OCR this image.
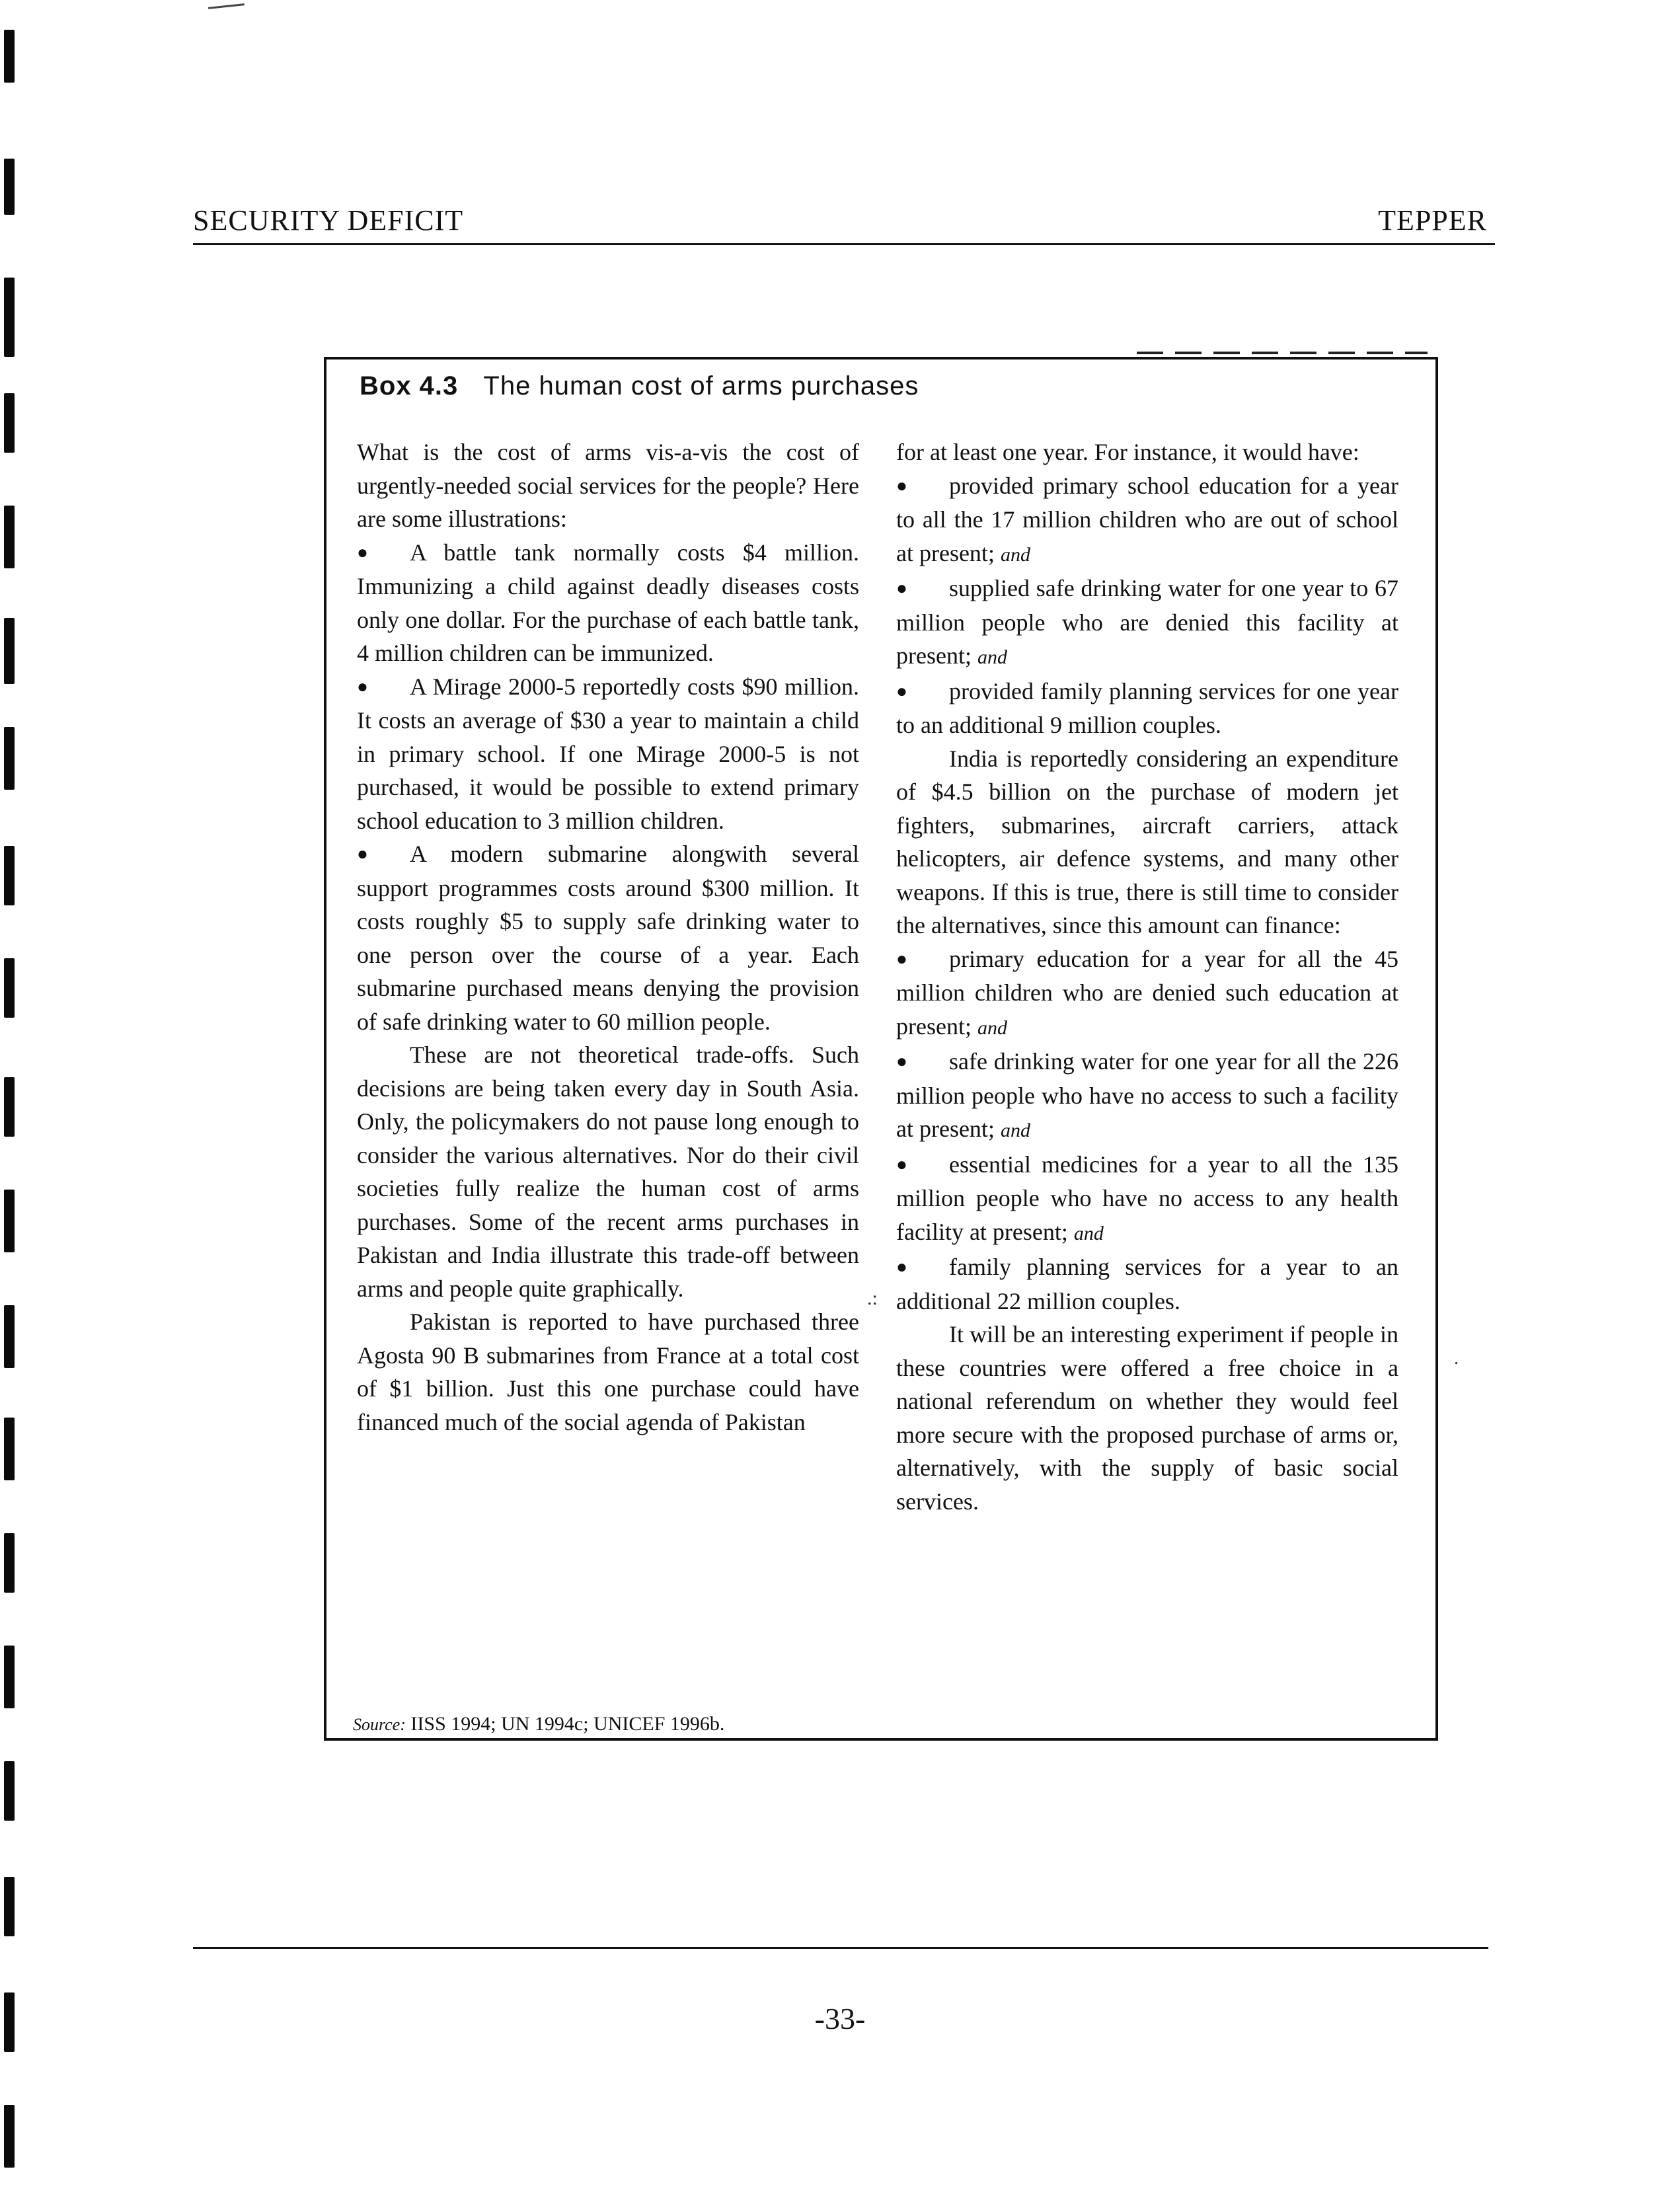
SECURITY DEFICIT	TEPPER
Box 4.3 The human cost of arms purchases

What is the cost of arms vis-a-vis the cost of urgently-needed social services for the people? Here are some illustrations:

● A battle tank normally costs $4 million. Immunizing a child against deadly diseases costs only one dollar. For the purchase of each battle tank, 4 million children can be immunized.

● A Mirage 2000-5 reportedly costs $90 million. It costs an average of $30 a year to maintain a child in primary school. If one Mirage 2000-5 is not purchased, it would be possible to extend primary school education to 3 million children.

● A modern submarine alongwith several support programmes costs around $300 million. It costs roughly $5 to supply safe drinking water to one person over the course of a year. Each submarine purchased means denying the provision of safe drinking water to 60 million people.

These are not theoretical trade-offs. Such decisions are being taken every day in South Asia. Only, the policymakers do not pause long enough to consider the various alternatives. Nor do their civil societies fully realize the human cost of arms purchases. Some of the recent arms purchases in Pakistan and India illustrate this trade-off between arms and people quite graphically.

Pakistan is reported to have purchased three Agosta 90 B submarines from France at a total cost of $1 billion. Just this one purchase could have financed much of the social agenda of Pakistan

for at least one year. For instance, it would have:

● provided primary school education for a year to all the 17 million children who are out of school at present; and

● supplied safe drinking water for one year to 67 million people who are denied this facility at present; and

● provided family planning services for one year to an additional 9 million couples.

India is reportedly considering an expenditure of $4.5 billion on the purchase of modern jet fighters, submarines, aircraft carriers, attack helicopters, air defence systems, and many other weapons. If this is true, there is still time to consider the alternatives, since this amount can finance:

● primary education for a year for all the 45 million children who are denied such education at present; and

● safe drinking water for one year for all the 226 million people who have no access to such a facility at present; and

● essential medicines for a year to all the 135 million people who have no access to any health facility at present; and

● family planning services for a year to an additional 22 million couples.

It will be an interesting experiment if people in these countries were offered a free choice in a national referendum on whether they would feel more secure with the proposed purchase of arms or, alternatively, with the supply of basic social services.

Source: IISS 1994; UN 1994c; UNICEF 1996b.
.:
.
-33-
